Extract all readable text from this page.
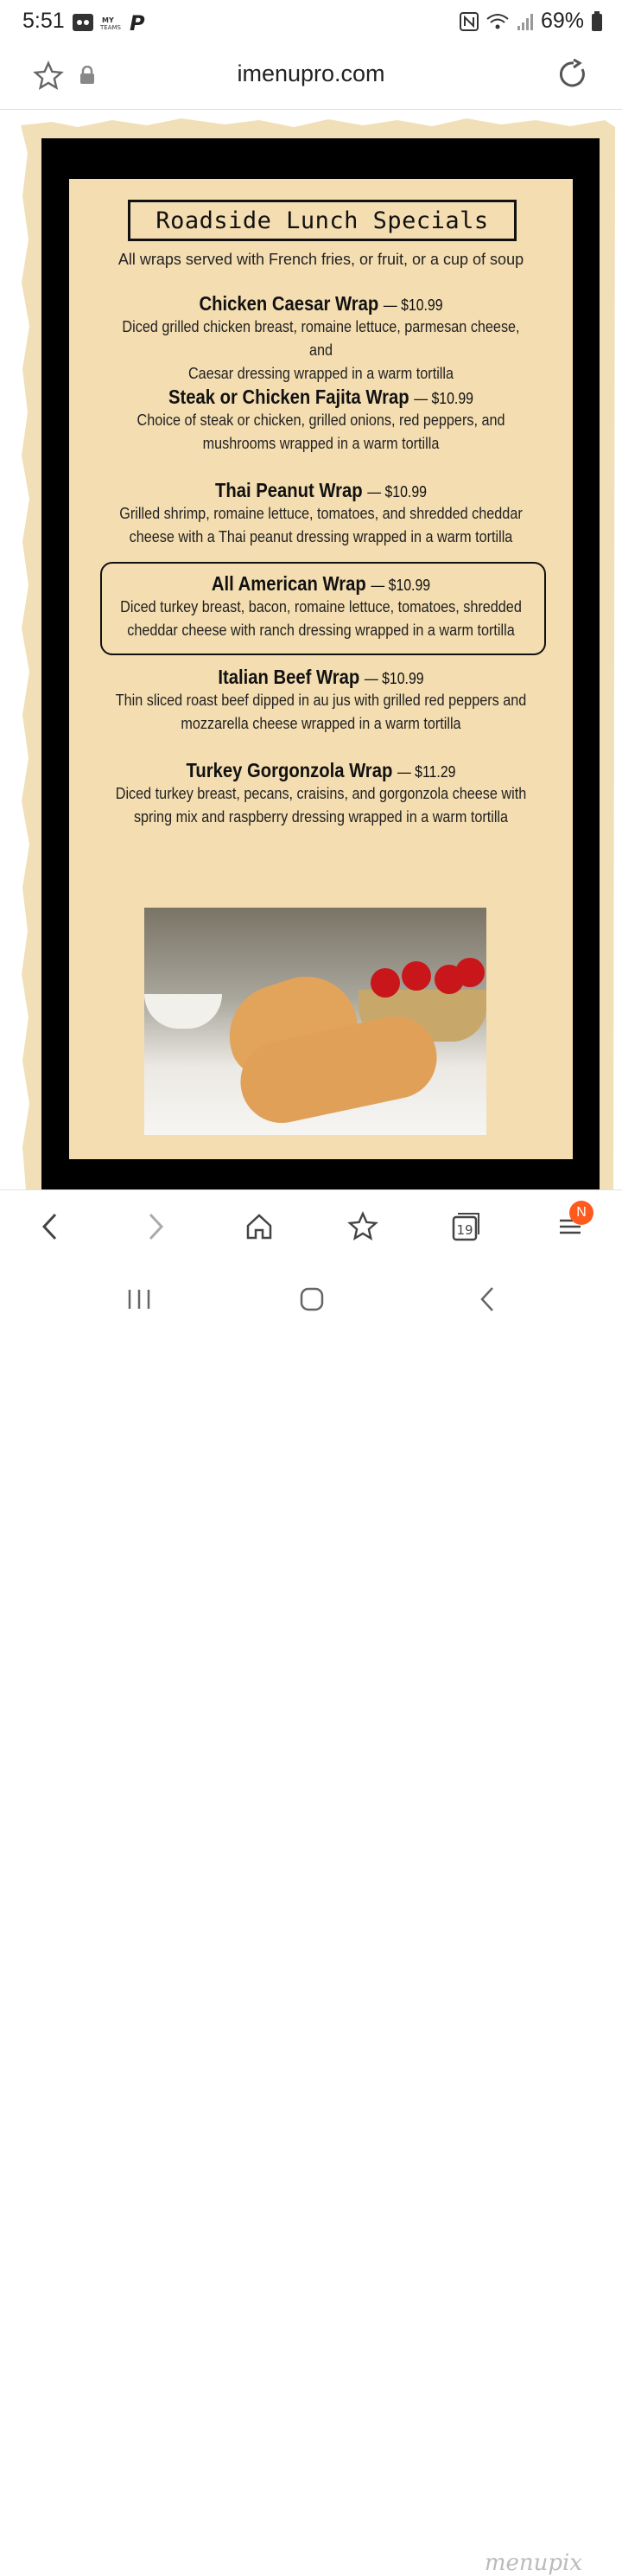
5:51	MY
TEAMS P	69%
imenupro.com
Roadside Lunch Specials
All wraps served with French fries, or fruit, or a cup of soup
Chicken Caesar Wrap — $10.99
Diced grilled chicken breast, romaine lettuce, parmesan cheese, and
Caesar dressing wrapped in a warm tortilla
Steak or Chicken Fajita Wrap — $10.99
Choice of steak or chicken, grilled onions, red peppers, and
mushrooms wrapped in a warm tortilla
Thai Peanut Wrap — $10.99
Grilled shrimp, romaine lettuce, tomatoes, and shredded cheddar
cheese with a Thai peanut dressing wrapped in a warm tortilla
All American Wrap — $10.99
Diced turkey breast, bacon, romaine lettuce, tomatoes, shredded
cheddar cheese with ranch dressing wrapped in a warm tortilla
Italian Beef Wrap — $10.99
Thin sliced roast beef dipped in au jus with grilled red peppers and
mozzarella cheese wrapped in a warm tortilla
Turkey Gorgonzola Wrap — $11.29
Diced turkey breast, pecans, craisins, and gorgonzola cheese with
spring mix and raspberry dressing wrapped in a warm tortilla
19
N
menupix
